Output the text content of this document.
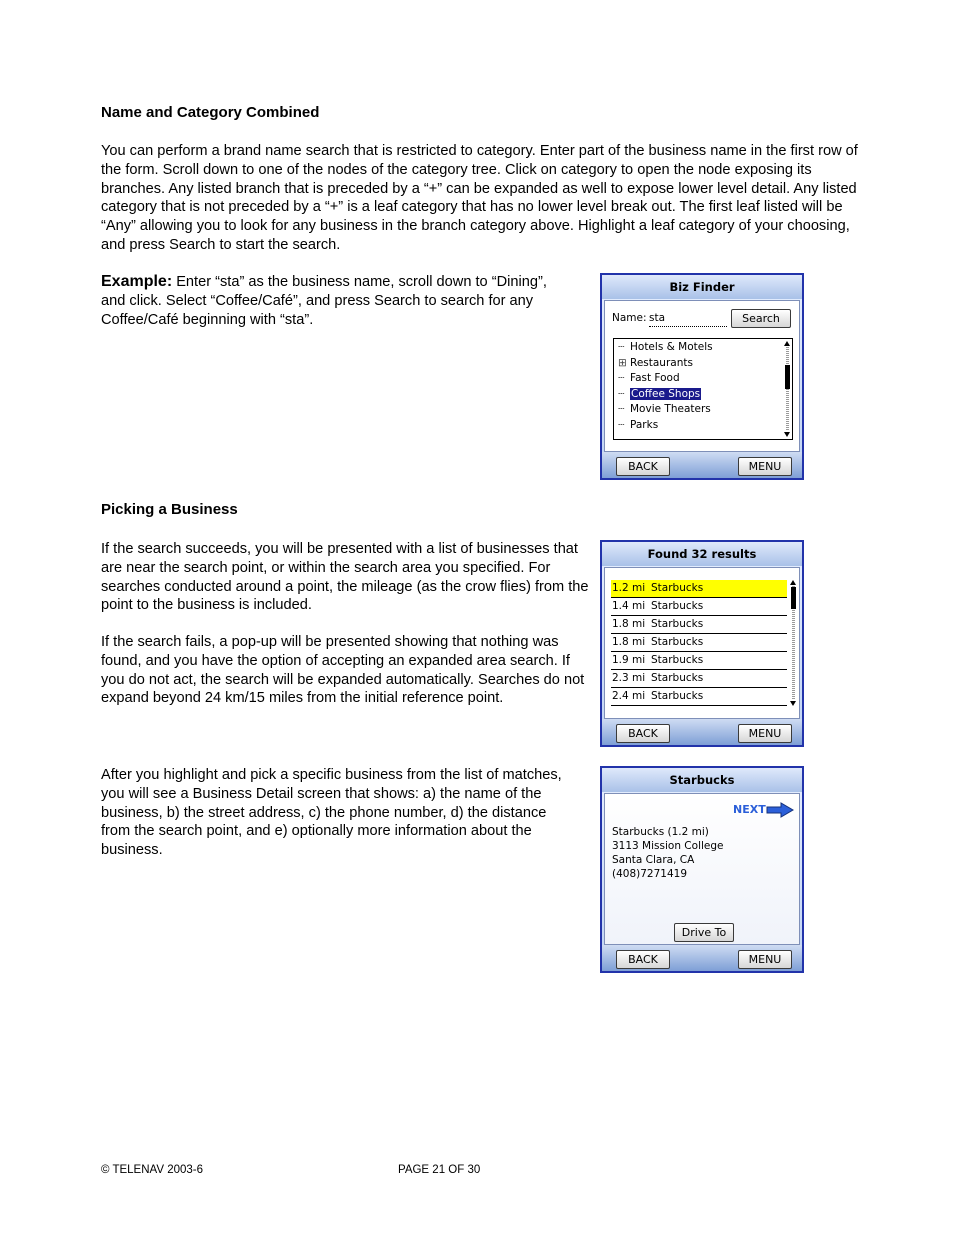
Name and Category Combined

You can perform a brand name search that is restricted to category. Enter part of the business name in the first row of the form. Scroll down to one of the nodes of the category tree. Click on category to open the node exposing its branches. Any listed branch that is preceded by a “+” can be expanded as well to expose lower level detail. Any listed category that is not preceded by a “+” is a leaf category that has no lower level break out. The first leaf listed will be “Any” allowing you to look for any business in the branch category above. Highlight a leaf category of your choosing, and press Search to start the search.

Example: Enter “sta” as the business name, scroll down to “Dining”, and click. Select “Coffee/Café”, and press Search to search for any Coffee/Café beginning with “sta”.

Biz Finder
Name: sta	Search
┄ Hotels & Motels
⊞ Restaurants
┄ Fast Food
┄ Coffee Shops
┄ Movie Theaters
┄ Parks
BACK	MENU
Picking a Business

If the search succeeds, you will be presented with a list of businesses that are near the search point, or within the search area you specified. For searches conducted around a point, the mileage (as the crow flies) from the point to the business is included.

If the search fails, a pop-up will be presented showing that nothing was found, and you have the option of accepting an expanded area search. If you do not act, the search will be expanded automatically. Searches do not expand beyond 24 km/15 miles from the initial reference point.

After you highlight and pick a specific business from the list of matches, you will see a Business Detail screen that shows: a) the name of the business, b) the street address, c) the phone number, d) the distance from the search point, and e) optionally more information about the business.

Found 32 results
1.2 mi Starbucks
1.4 mi Starbucks
1.8 mi Starbucks
1.8 mi Starbucks
1.9 mi Starbucks
2.3 mi Starbucks
2.4 mi Starbucks
BACK	MENU
Starbucks
NEXT
Starbucks (1.2 mi)
3113 Mission College
Santa Clara, CA
(408)7271419
Drive To
BACK	MENU
© TELENAV 2003-6	PAGE 21 OF 30
